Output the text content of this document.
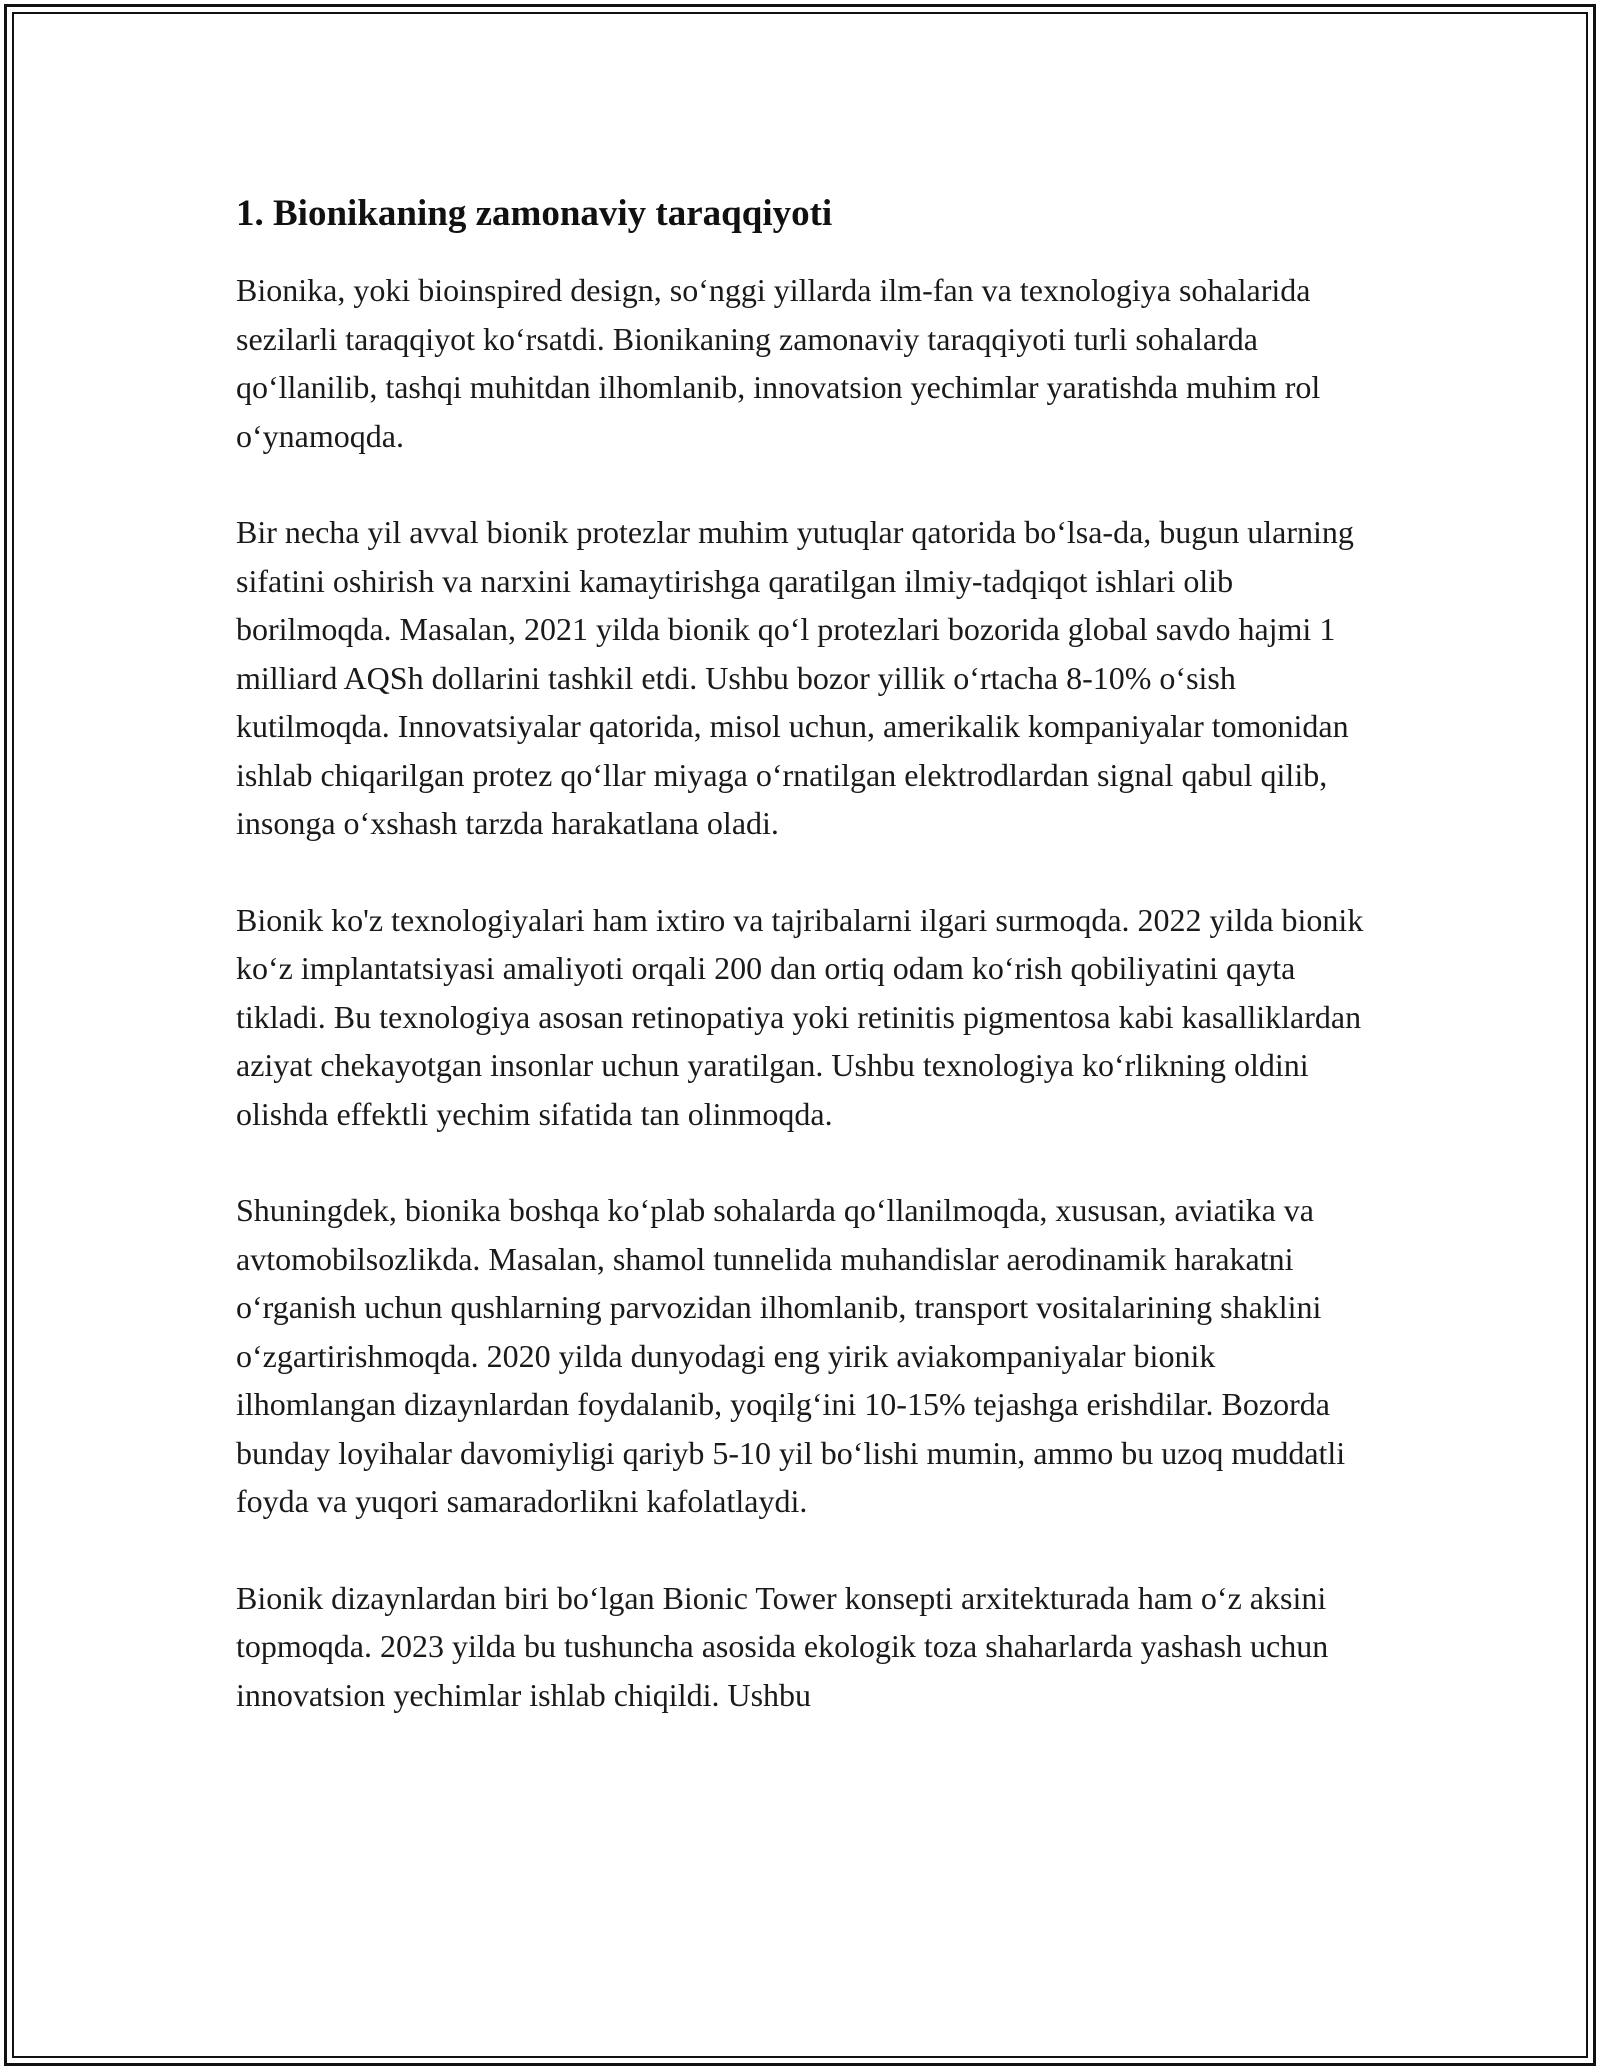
1. Bionikaning zamonaviy taraqqiyoti

Bionika, yoki bioinspired design, so‘nggi yillarda ilm-fan va texnologiya sohalarida sezilarli taraqqiyot ko‘rsatdi. Bionikaning zamonaviy taraqqiyoti turli sohalarda qo‘llanilib, tashqi muhitdan ilhomlanib, innovatsion yechimlar yaratishda muhim rol o‘ynamoqda.

Bir necha yil avval bionik protezlar muhim yutuqlar qatorida bo‘lsa-da, bugun ularning sifatini oshirish va narxini kamaytirishga qaratilgan ilmiy-tadqiqot ishlari olib borilmoqda. Masalan, 2021 yilda bionik qo‘l protezlari bozorida global savdo hajmi 1 milliard AQSh dollarini tashkil etdi. Ushbu bozor yillik o‘rtacha 8-10% o‘sish kutilmoqda. Innovatsiyalar qatorida, misol uchun, amerikalik kompaniyalar tomonidan ishlab chiqarilgan protez qo‘llar miyaga o‘rnatilgan elektrodlardan signal qabul qilib, insonga o‘xshash tarzda harakatlana oladi.

Bionik ko'z texnologiyalari ham ixtiro va tajribalarni ilgari surmoqda. 2022 yilda bionik ko‘z implantatsiyasi amaliyoti orqali 200 dan ortiq odam ko‘rish qobiliyatini qayta tikladi. Bu texnologiya asosan retinopatiya yoki retinitis pigmentosa kabi kasalliklardan aziyat chekayotgan insonlar uchun yaratilgan. Ushbu texnologiya ko‘rlikning oldini olishda effektli yechim sifatida tan olinmoqda.

Shuningdek, bionika boshqa ko‘plab sohalarda qo‘llanilmoqda, xususan, aviatika va avtomobilsozlikda. Masalan, shamol tunnelida muhandislar aerodinamik harakatni o‘rganish uchun qushlarning parvozidan ilhomlanib, transport vositalarining shaklini o‘zgartirishmoqda. 2020 yilda dunyodagi eng yirik aviakompaniyalar bionik ilhomlangan dizaynlardan foydalanib, yoqilg‘ini 10-15% tejashga erishdilar. Bozorda bunday loyihalar davomiyligi qariyb 5-10 yil bo‘lishi mumin, ammo bu uzoq muddatli foyda va yuqori samaradorlikni kafolatlaydi.

Bionik dizaynlardan biri bo‘lgan Bionic Tower konsepti arxitekturada ham o‘z aksini topmoqda. 2023 yilda bu tushuncha asosida ekologik toza shaharlarda yashash uchun innovatsion yechimlar ishlab chiqildi. Ushbu
